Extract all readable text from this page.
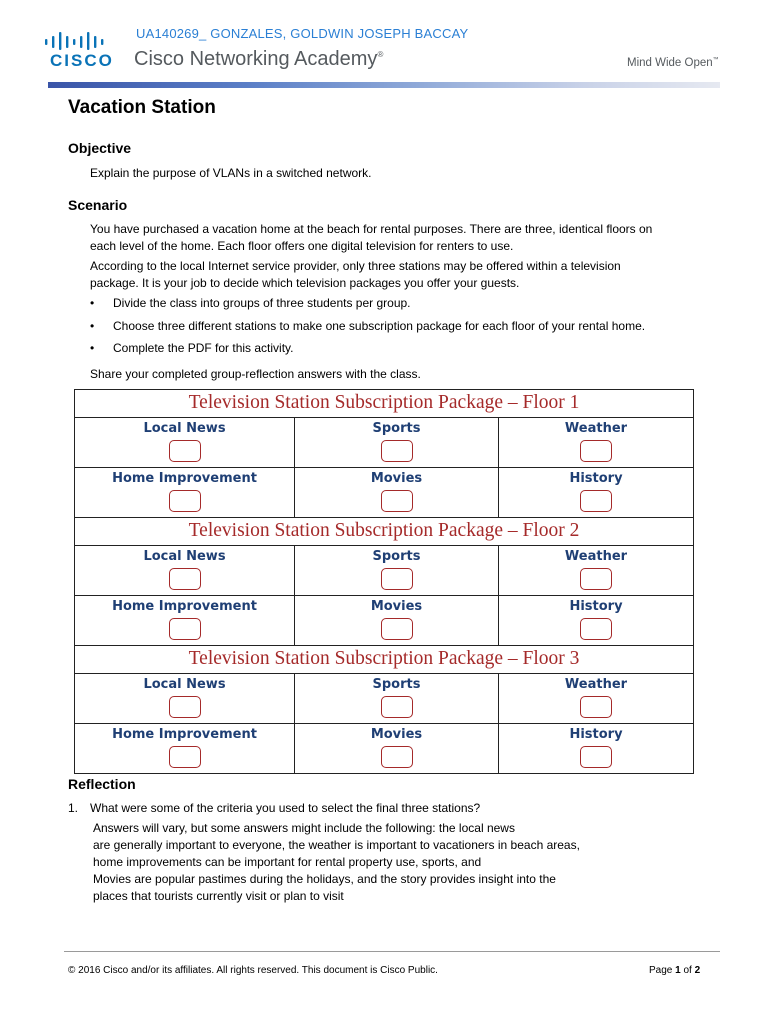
CISCO
UA140269_ GONZALES, GOLDWIN JOSEPH BACCAY
Cisco Networking Academy®
Mind Wide Open™
Vacation Station
Objective
Explain the purpose of VLANs in a switched network.
Scenario
You have purchased a vacation home at the beach for rental purposes. There are three, identical floors on
each level of the home. Each floor offers one digital television for renters to use.
According to the local Internet service provider, only three stations may be offered within a television
package. It is your job to decide which television packages you offer your guests.
• Divide the class into groups of three students per group.
• Choose three different stations to make one subscription package for each floor of your rental home.
• Complete the PDF for this activity.
Share your completed group-reflection answers with the class.
Television Station Subscription Package – Floor 1		

Local News	Sports	Weather

Home Improvement	Movies	History

Television Station Subscription Package – Floor 2		

Local News	Sports	Weather

Home Improvement	Movies	History

Television Station Subscription Package – Floor 3		

Local News	Sports	Weather

Home Improvement	Movies	History
Reflection
1. What were some of the criteria you used to select the final three stations?
Answers will vary, but some answers might include the following: the local news
are generally important to everyone, the weather is important to vacationers in beach areas,
home improvements can be important for rental property use, sports, and
Movies are popular pastimes during the holidays, and the story provides insight into the
places that tourists currently visit or plan to visit
© 2016 Cisco and/or its affiliates. All rights reserved. This document is Cisco Public.	Page 1 of 2
